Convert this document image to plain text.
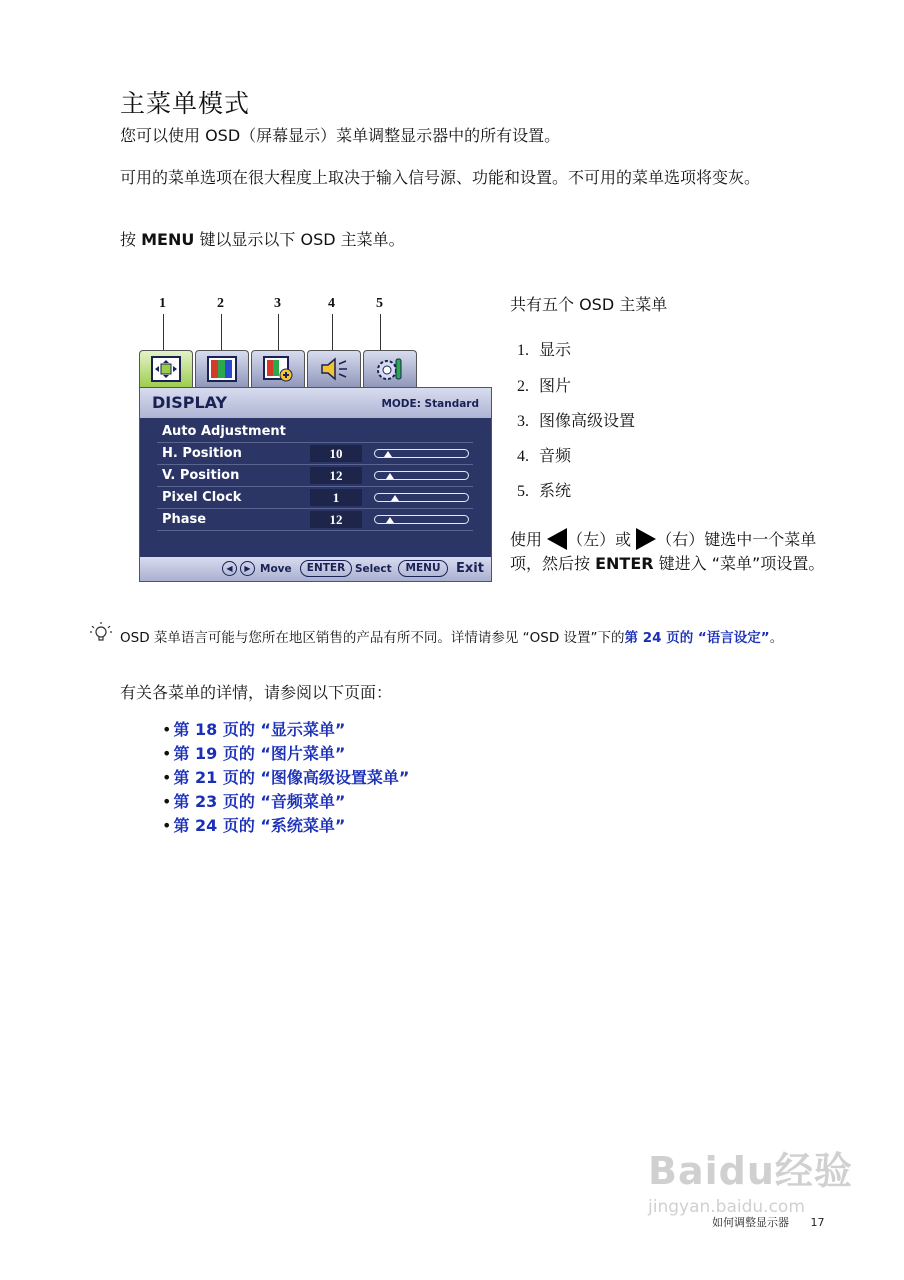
主菜单模式
您可以使用 OSD（屏幕显示）菜单调整显示器中的所有设置。
可用的菜单选项在很大程度上取决于输入信号源、功能和设置。不可用的菜单选项将变灰。
按 MENU 键以显示以下 OSD 主菜单。
1	2	3	4	5
DISPLAY	MODE: Standard
Auto Adjustment
H. Position	10
V. Position	12
Pixel Clock	1
Phase	12
◀	▶ Move	ENTER Select	MENU	Exit
共有五个 OSD 主菜单
1. 显示
2. 图片
3. 图像高级设置
4. 音频
5. 系统
使用 （左）或 （右）键选中一个菜单项，然后按 ENTER 键进入 “菜单”项设置。
OSD 菜单语言可能与您所在地区销售的产品有所不同。详情请参见 “OSD 设置”下的第 24 页的 “语言设定”。
有关各菜单的详情，请参阅以下页面：
• 第 18 页的 “显示菜单”
• 第 19 页的 “图片菜单”
• 第 21 页的 “图像高级设置菜单”
• 第 23 页的 “音频菜单”
• 第 24 页的 “系统菜单”
Baidu经验
jingyan.baidu.com
如何调整显示器 17
